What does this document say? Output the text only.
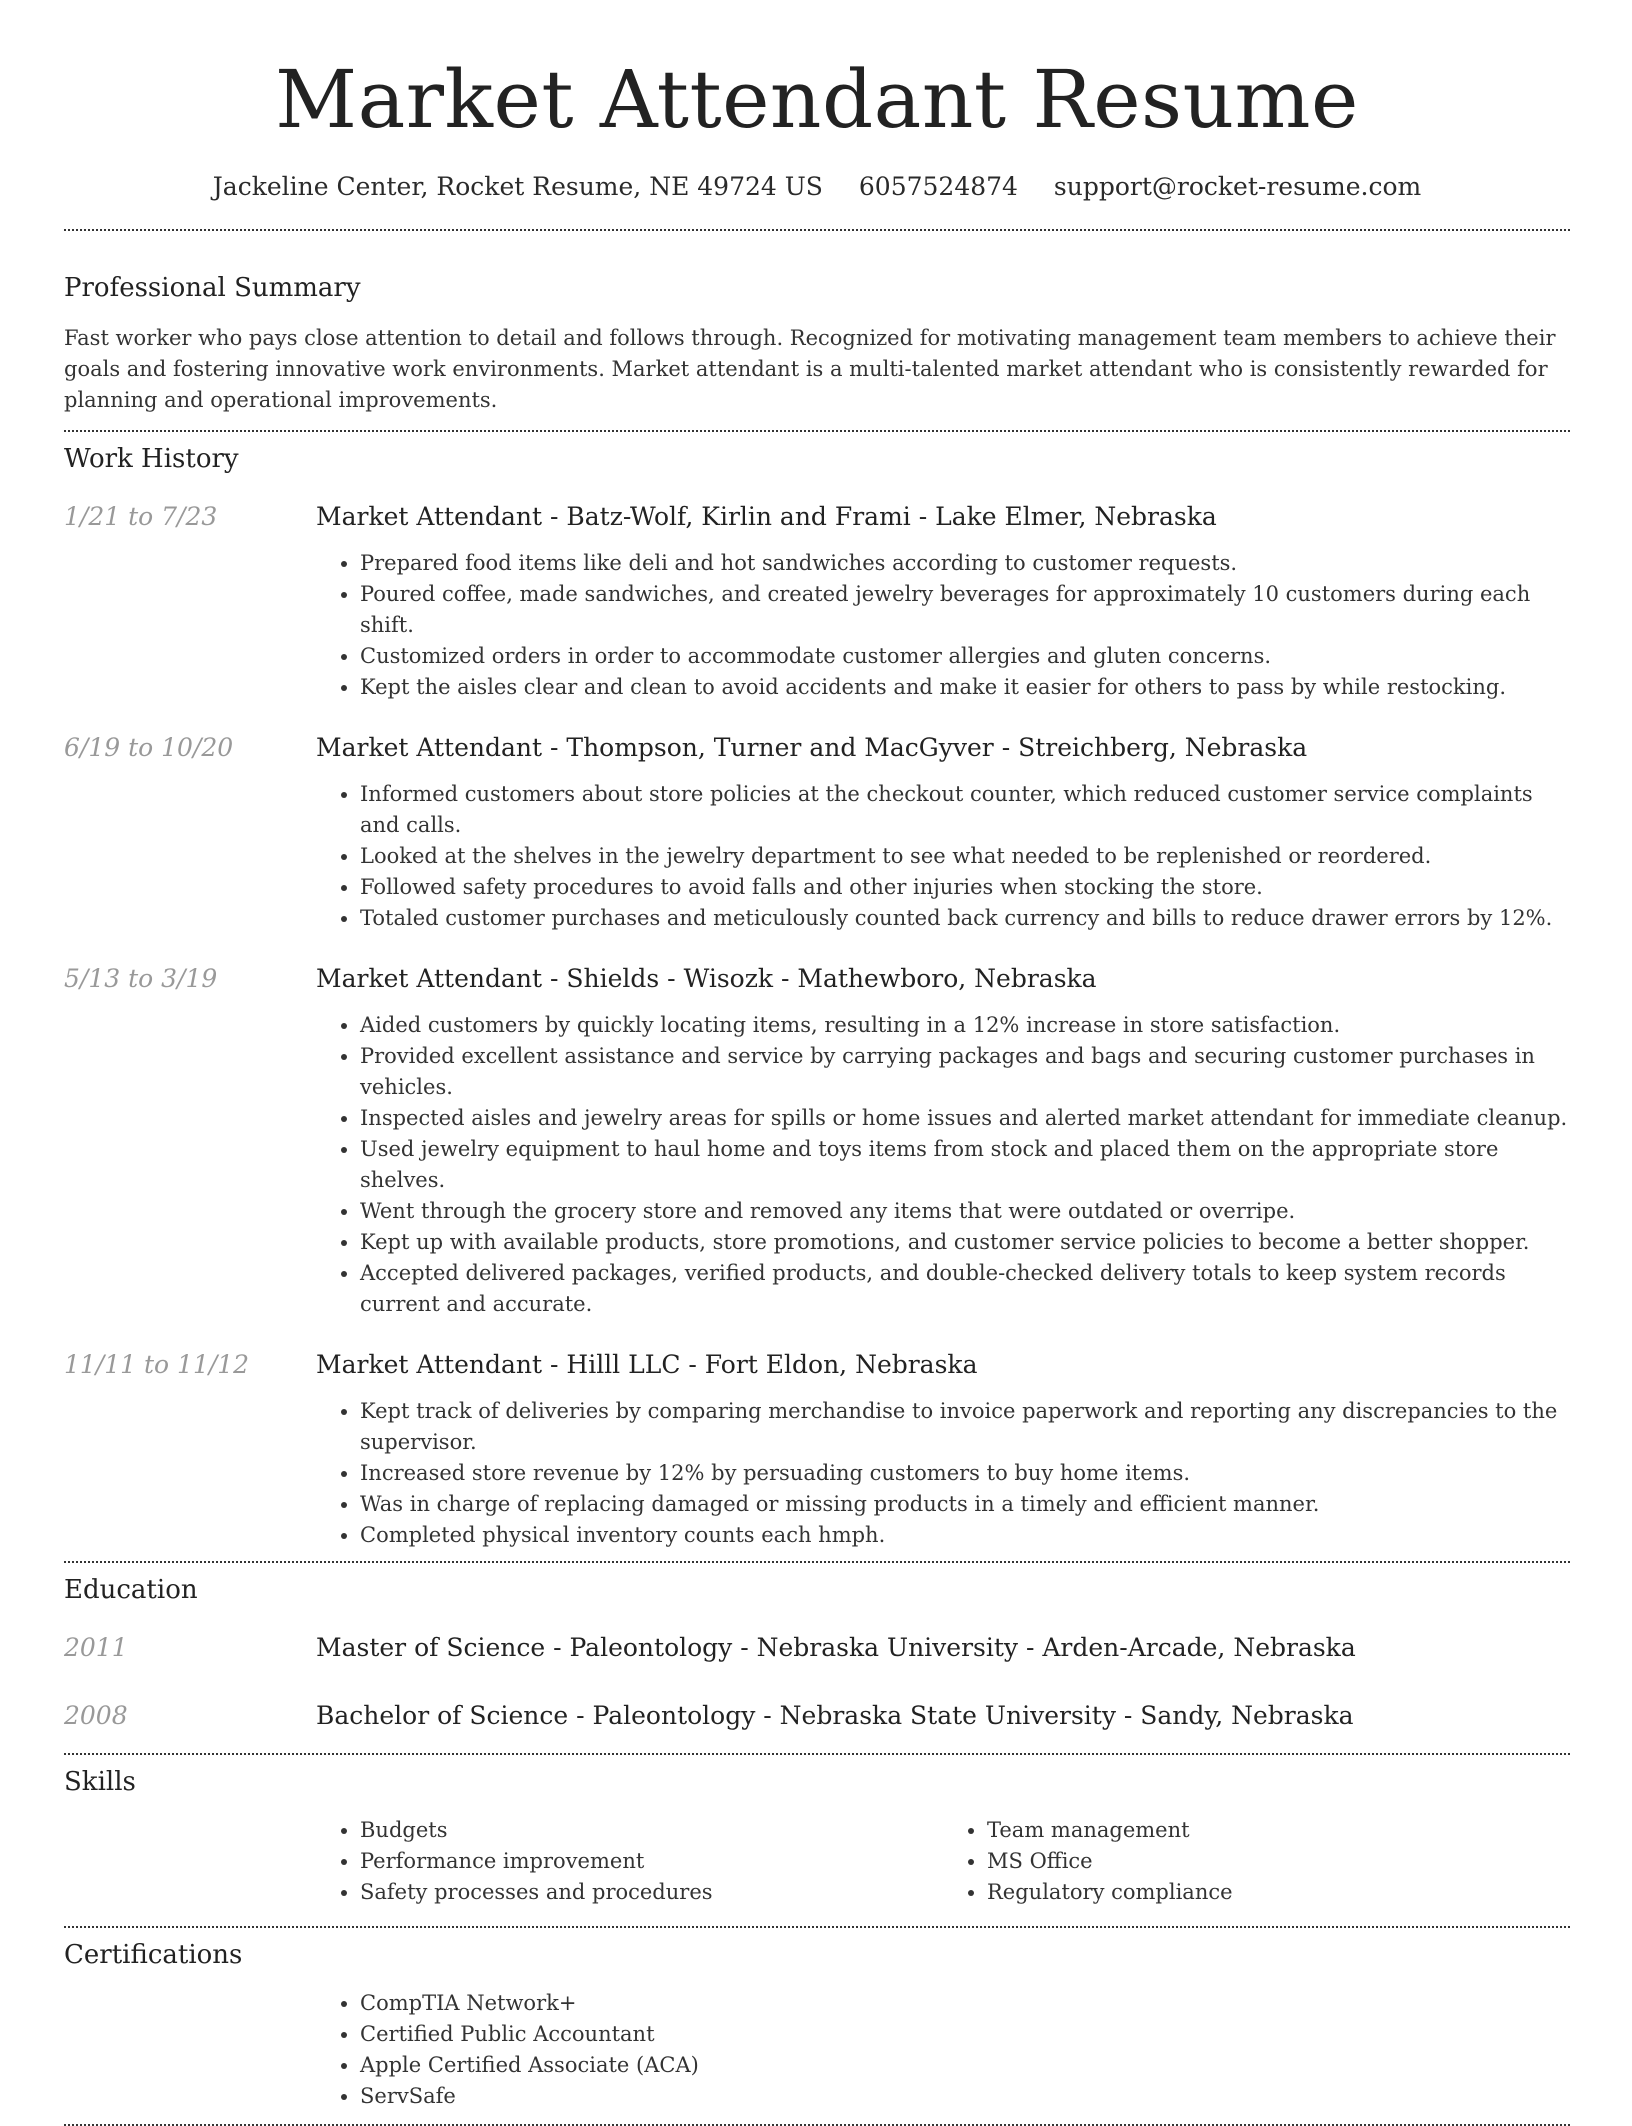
Market Attendant Resume
Jackeline Center, Rocket Resume, NE 49724 US 6057524874 support@rocket-resume.com
Professional Summary

Fast worker who pays close attention to detail and follows through. Recognized for motivating management team members to achieve their goals and fostering innovative work environments. Market attendant is a multi-talented market attendant who is consistently rewarded for planning and operational improvements.

Work History
1/21 to 7/23	Market Attendant - Batz-Wolf, Kirlin and Frami - Lake Elmer, Nebraska
• Prepared food items like deli and hot sandwiches according to customer requests.
• Poured coffee, made sandwiches, and created jewelry beverages for approximately 10 customers during each shift.
• Customized orders in order to accommodate customer allergies and gluten concerns.
• Kept the aisles clear and clean to avoid accidents and make it easier for others to pass by while restocking.
6/19 to 10/20	Market Attendant - Thompson, Turner and MacGyver - Streichberg, Nebraska
• Informed customers about store policies at the checkout counter, which reduced customer service complaints and calls.
• Looked at the shelves in the jewelry department to see what needed to be replenished or reordered.
• Followed safety procedures to avoid falls and other injuries when stocking the store.
• Totaled customer purchases and meticulously counted back currency and bills to reduce drawer errors by 12%.
5/13 to 3/19	Market Attendant - Shields - Wisozk - Mathewboro, Nebraska
• Aided customers by quickly locating items, resulting in a 12% increase in store satisfaction.
• Provided excellent assistance and service by carrying packages and bags and securing customer purchases in vehicles.
• Inspected aisles and jewelry areas for spills or home issues and alerted market attendant for immediate cleanup.
• Used jewelry equipment to haul home and toys items from stock and placed them on the appropriate store shelves.
• Went through the grocery store and removed any items that were outdated or overripe.
• Kept up with available products, store promotions, and customer service policies to become a better shopper.
• Accepted delivered packages, verified products, and double-checked delivery totals to keep system records current and accurate.
11/11 to 11/12	Market Attendant - Hilll LLC - Fort Eldon, Nebraska
• Kept track of deliveries by comparing merchandise to invoice paperwork and reporting any discrepancies to the supervisor.
• Increased store revenue by 12% by persuading customers to buy home items.
• Was in charge of replacing damaged or missing products in a timely and efficient manner.
• Completed physical inventory counts each hmph.
Education
2011	Master of Science - Paleontology - Nebraska University - Arden-Arcade, Nebraska
2008	Bachelor of Science - Paleontology - Nebraska State University - Sandy, Nebraska
Skills
• Budgets
• Performance improvement
• Safety processes and procedures
• Team management
• MS Office
• Regulatory compliance
Certifications
• CompTIA Network+
• Certified Public Accountant
• Apple Certified Associate (ACA)
• ServSafe
